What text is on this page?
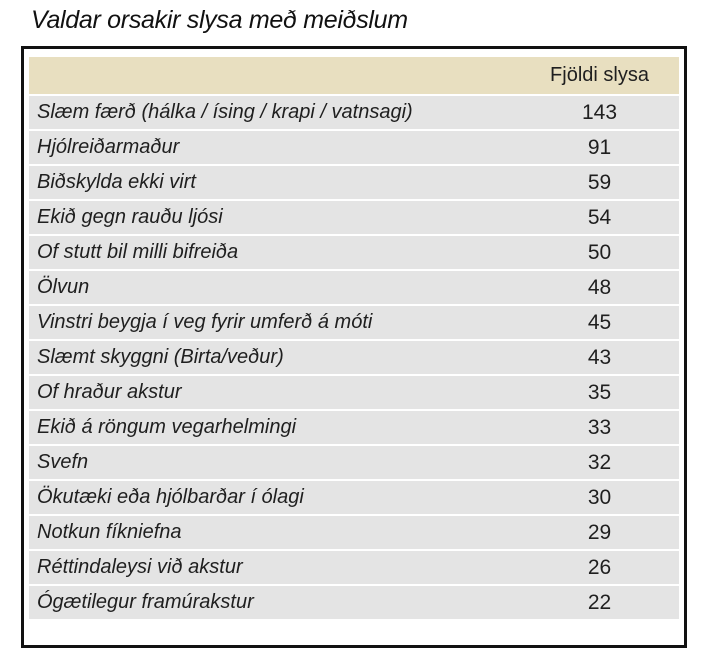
Valdar orsakir slysa með meiðslum
	Fjöldi slysa
Slæm færð (hálka / ísing / krapi / vatnsagi)	143
Hjólreiðarmaður	91
Biðskylda ekki virt	59
Ekið gegn rauðu ljósi	54
Of stutt bil milli bifreiða	50
Ölvun	48
Vinstri beygja í veg fyrir umferð á móti	45
Slæmt skyggni (Birta/veður)	43
Of hraður akstur	35
Ekið á röngum vegarhelmingi	33
Svefn	32
Ökutæki eða hjólbarðar í ólagi	30
Notkun fíkniefna	29
Réttindaleysi við akstur	26
Ógætilegur framúrakstur	22
